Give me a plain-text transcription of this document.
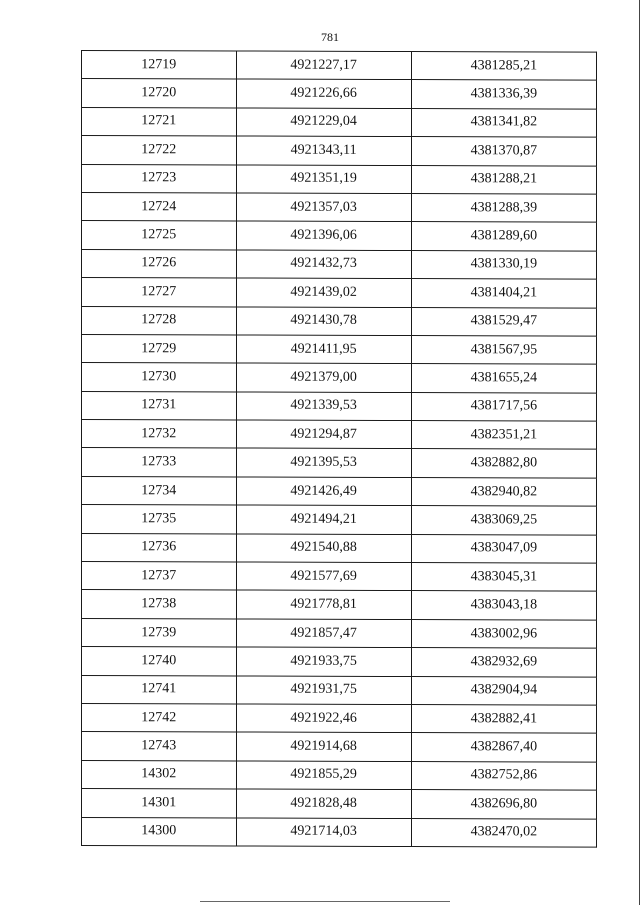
781
12719	4921227,17	4381285,21
12720	4921226,66	4381336,39
12721	4921229,04	4381341,82
12722	4921343,11	4381370,87
12723	4921351,19	4381288,21
12724	4921357,03	4381288,39
12725	4921396,06	4381289,60
12726	4921432,73	4381330,19
12727	4921439,02	4381404,21
12728	4921430,78	4381529,47
12729	4921411,95	4381567,95
12730	4921379,00	4381655,24
12731	4921339,53	4381717,56
12732	4921294,87	4382351,21
12733	4921395,53	4382882,80
12734	4921426,49	4382940,82
12735	4921494,21	4383069,25
12736	4921540,88	4383047,09
12737	4921577,69	4383045,31
12738	4921778,81	4383043,18
12739	4921857,47	4383002,96
12740	4921933,75	4382932,69
12741	4921931,75	4382904,94
12742	4921922,46	4382882,41
12743	4921914,68	4382867,40
14302	4921855,29	4382752,86
14301	4921828,48	4382696,80
14300	4921714,03	4382470,02
